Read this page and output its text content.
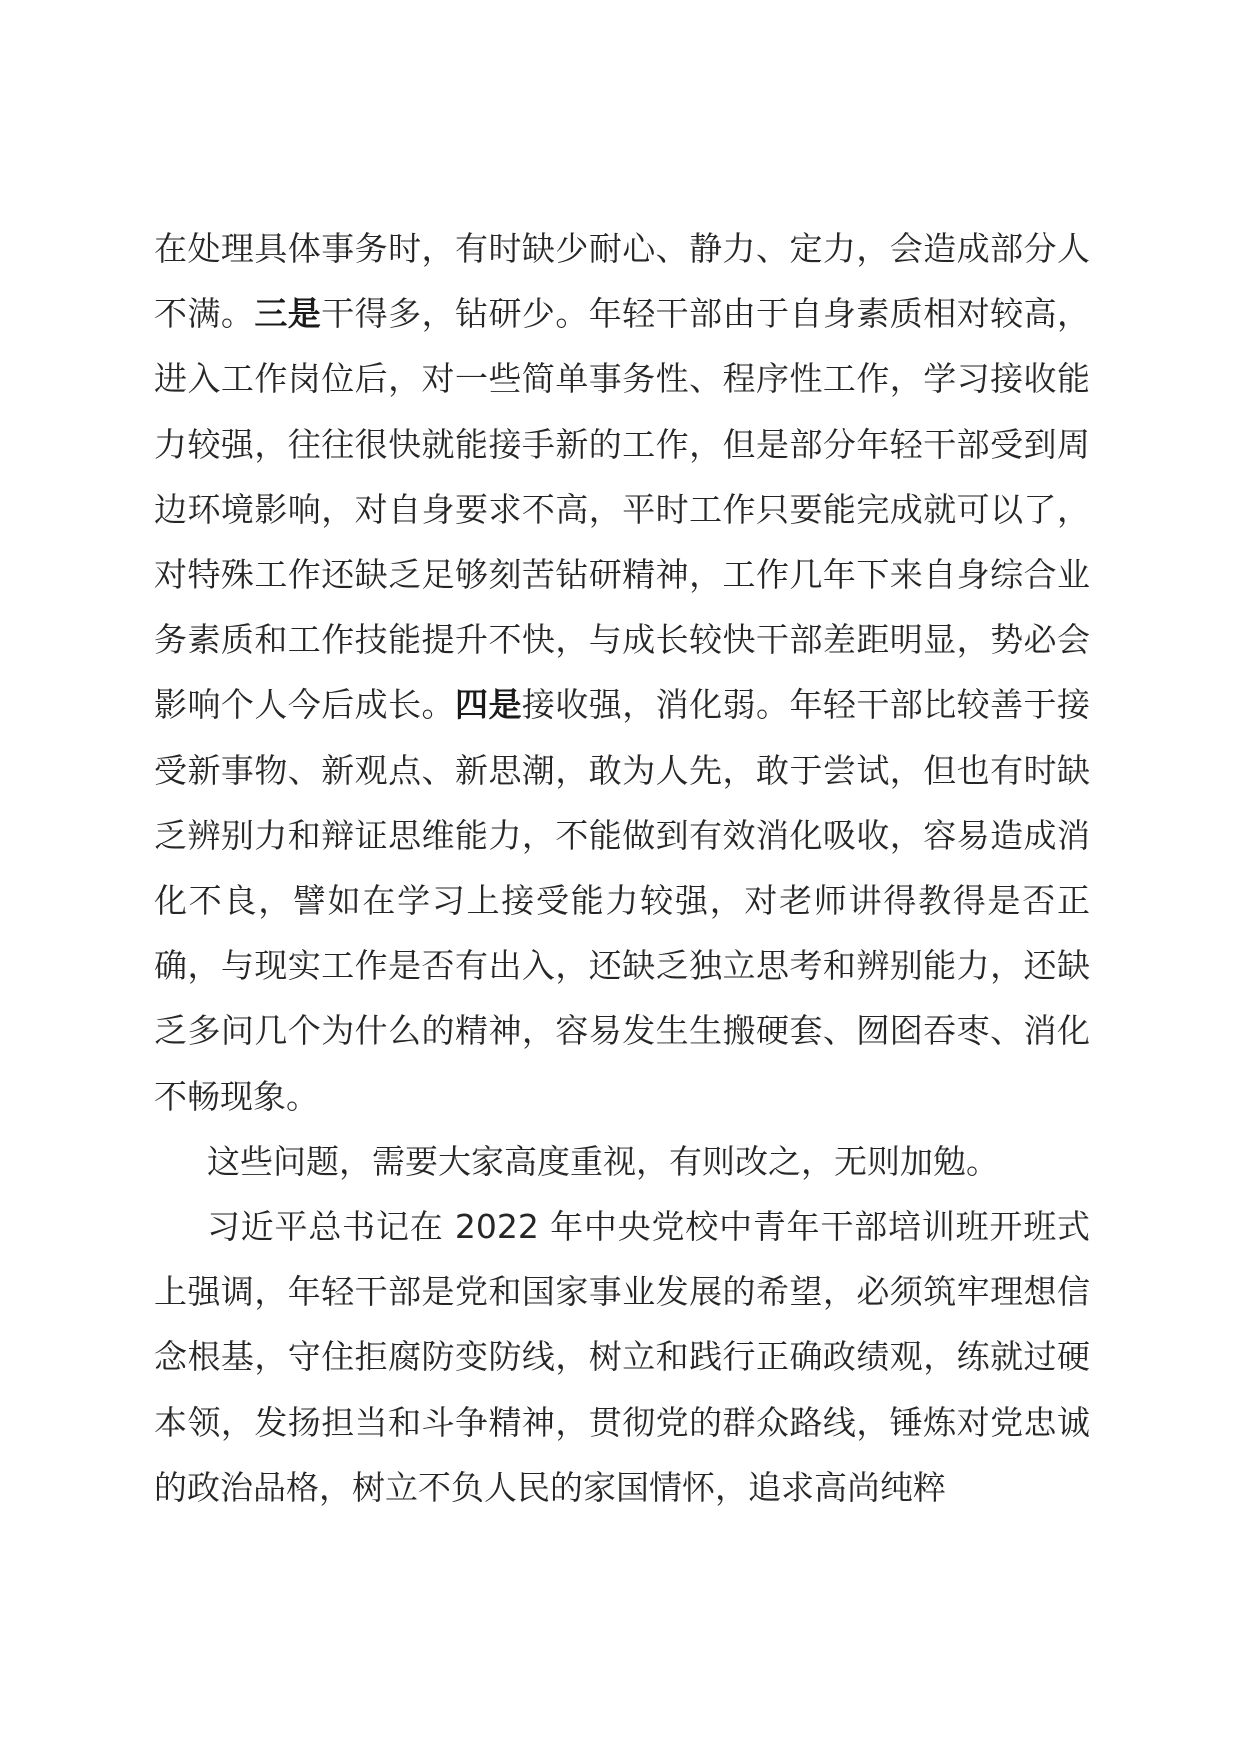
在处理具体事务时，有时缺少耐心、静力、定力，会造成部分人不满。三是干得多，钻研少。年轻干部由于自身素质相对较高，进入工作岗位后，对一些简单事务性、程序性工作，学习接收能力较强，往往很快就能接手新的工作，但是部分年轻干部受到周边环境影响，对自身要求不高，平时工作只要能完成就可以了，对特殊工作还缺乏足够刻苦钻研精神，工作几年下来自身综合业务素质和工作技能提升不快，与成长较快干部差距明显，势必会影响个人今后成长。四是接收强，消化弱。年轻干部比较善于接受新事物、新观点、新思潮，敢为人先，敢于尝试，但也有时缺乏辨别力和辩证思维能力，不能做到有效消化吸收，容易造成消化不良，譬如在学习上接受能力较强，对老师讲得教得是否正确，与现实工作是否有出入，还缺乏独立思考和辨别能力，还缺乏多问几个为什么的精神，容易发生生搬硬套、囫囵吞枣、消化不畅现象。

这些问题，需要大家高度重视，有则改之，无则加勉。

习近平总书记在 2022 年中央党校中青年干部培训班开班式上强调，年轻干部是党和国家事业发展的希望，必须筑牢理想信念根基，守住拒腐防变防线，树立和践行正确政绩观，练就过硬本领，发扬担当和斗争精神，贯彻党的群众路线，锤炼对党忠诚的政治品格，树立不负人民的家国情怀，追求高尚纯粹
